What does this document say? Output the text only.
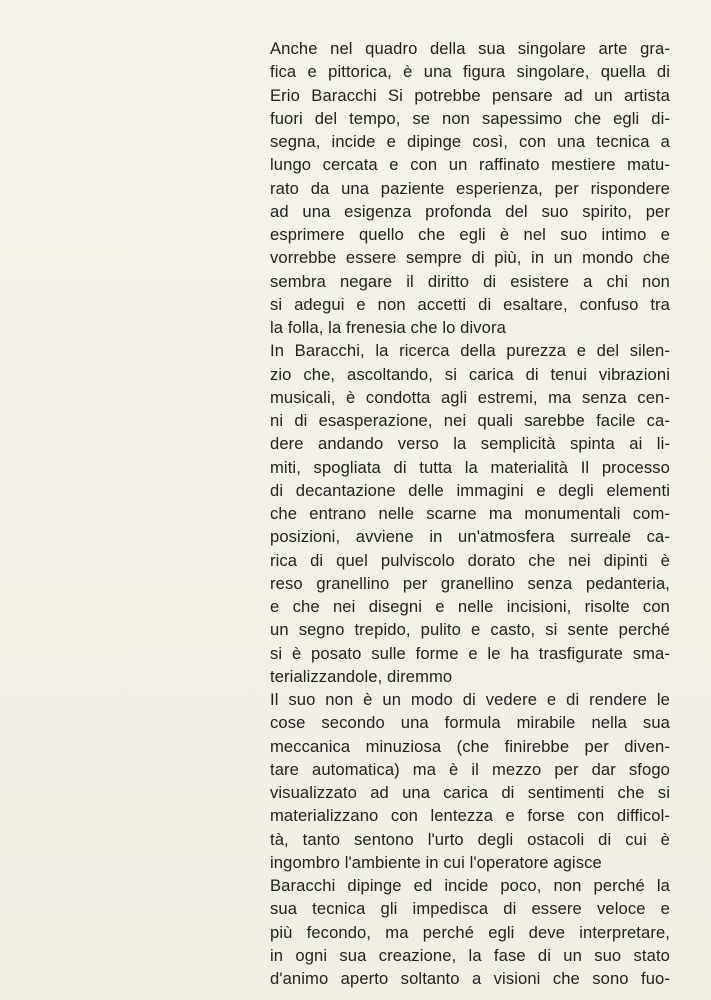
Anche nel quadro della sua singolare arte gra-
fica e pittorica, è una figura singolare, quella di
Erio Baracchi Si potrebbe pensare ad un artista
fuori del tempo, se non sapessimo che egli di-
segna, incide e dipinge così, con una tecnica a
lungo cercata e con un raffinato mestiere matu-
rato da una paziente esperienza, per rispondere
ad una esigenza profonda del suo spirito, per
esprimere quello che egli è nel suo intimo e
vorrebbe essere sempre di più, in un mondo che
sembra negare il diritto di esistere a chi non
si adegui e non accetti di esaltare, confuso tra
la folla, la frenesia che lo divora
In Baracchi, la ricerca della purezza e del silen-
zio che, ascoltando, si carica di tenui vibrazioni
musicali, è condotta agli estremi, ma senza cen-
ni di esasperazione, nei quali sarebbe facile ca-
dere andando verso la semplicità spinta ai li-
miti, spogliata di tutta la materialità Il processo
di decantazione delle immagini e degli elementi
che entrano nelle scarne ma monumentali com-
posizioni, avviene in un'atmosfera surreale ca-
rica di quel pulviscolo dorato che nei dipinti è
reso granellino per granellino senza pedanteria,
e che nei disegni e nelle incisioni, risolte con
un segno trepido, pulito e casto, si sente perché
si è posato sulle forme e le ha trasfigurate sma-
terializzandole, diremmo
Il suo non è un modo di vedere e di rendere le
cose secondo una formula mirabile nella sua
meccanica minuziosa (che finirebbe per diven-
tare automatica) ma è il mezzo per dar sfogo
visualizzato ad una carica di sentimenti che si
materializzano con lentezza e forse con difficol-
tà, tanto sentono l'urto degli ostacoli di cui è
ingombro l'ambiente in cui l'operatore agisce
Baracchi dipinge ed incide poco, non perché la
sua tecnica gli impedisca di essere veloce e
più fecondo, ma perché egli deve interpretare,
in ogni sua creazione, la fase di un suo stato
d'animo aperto soltanto a visioni che sono fuo-
